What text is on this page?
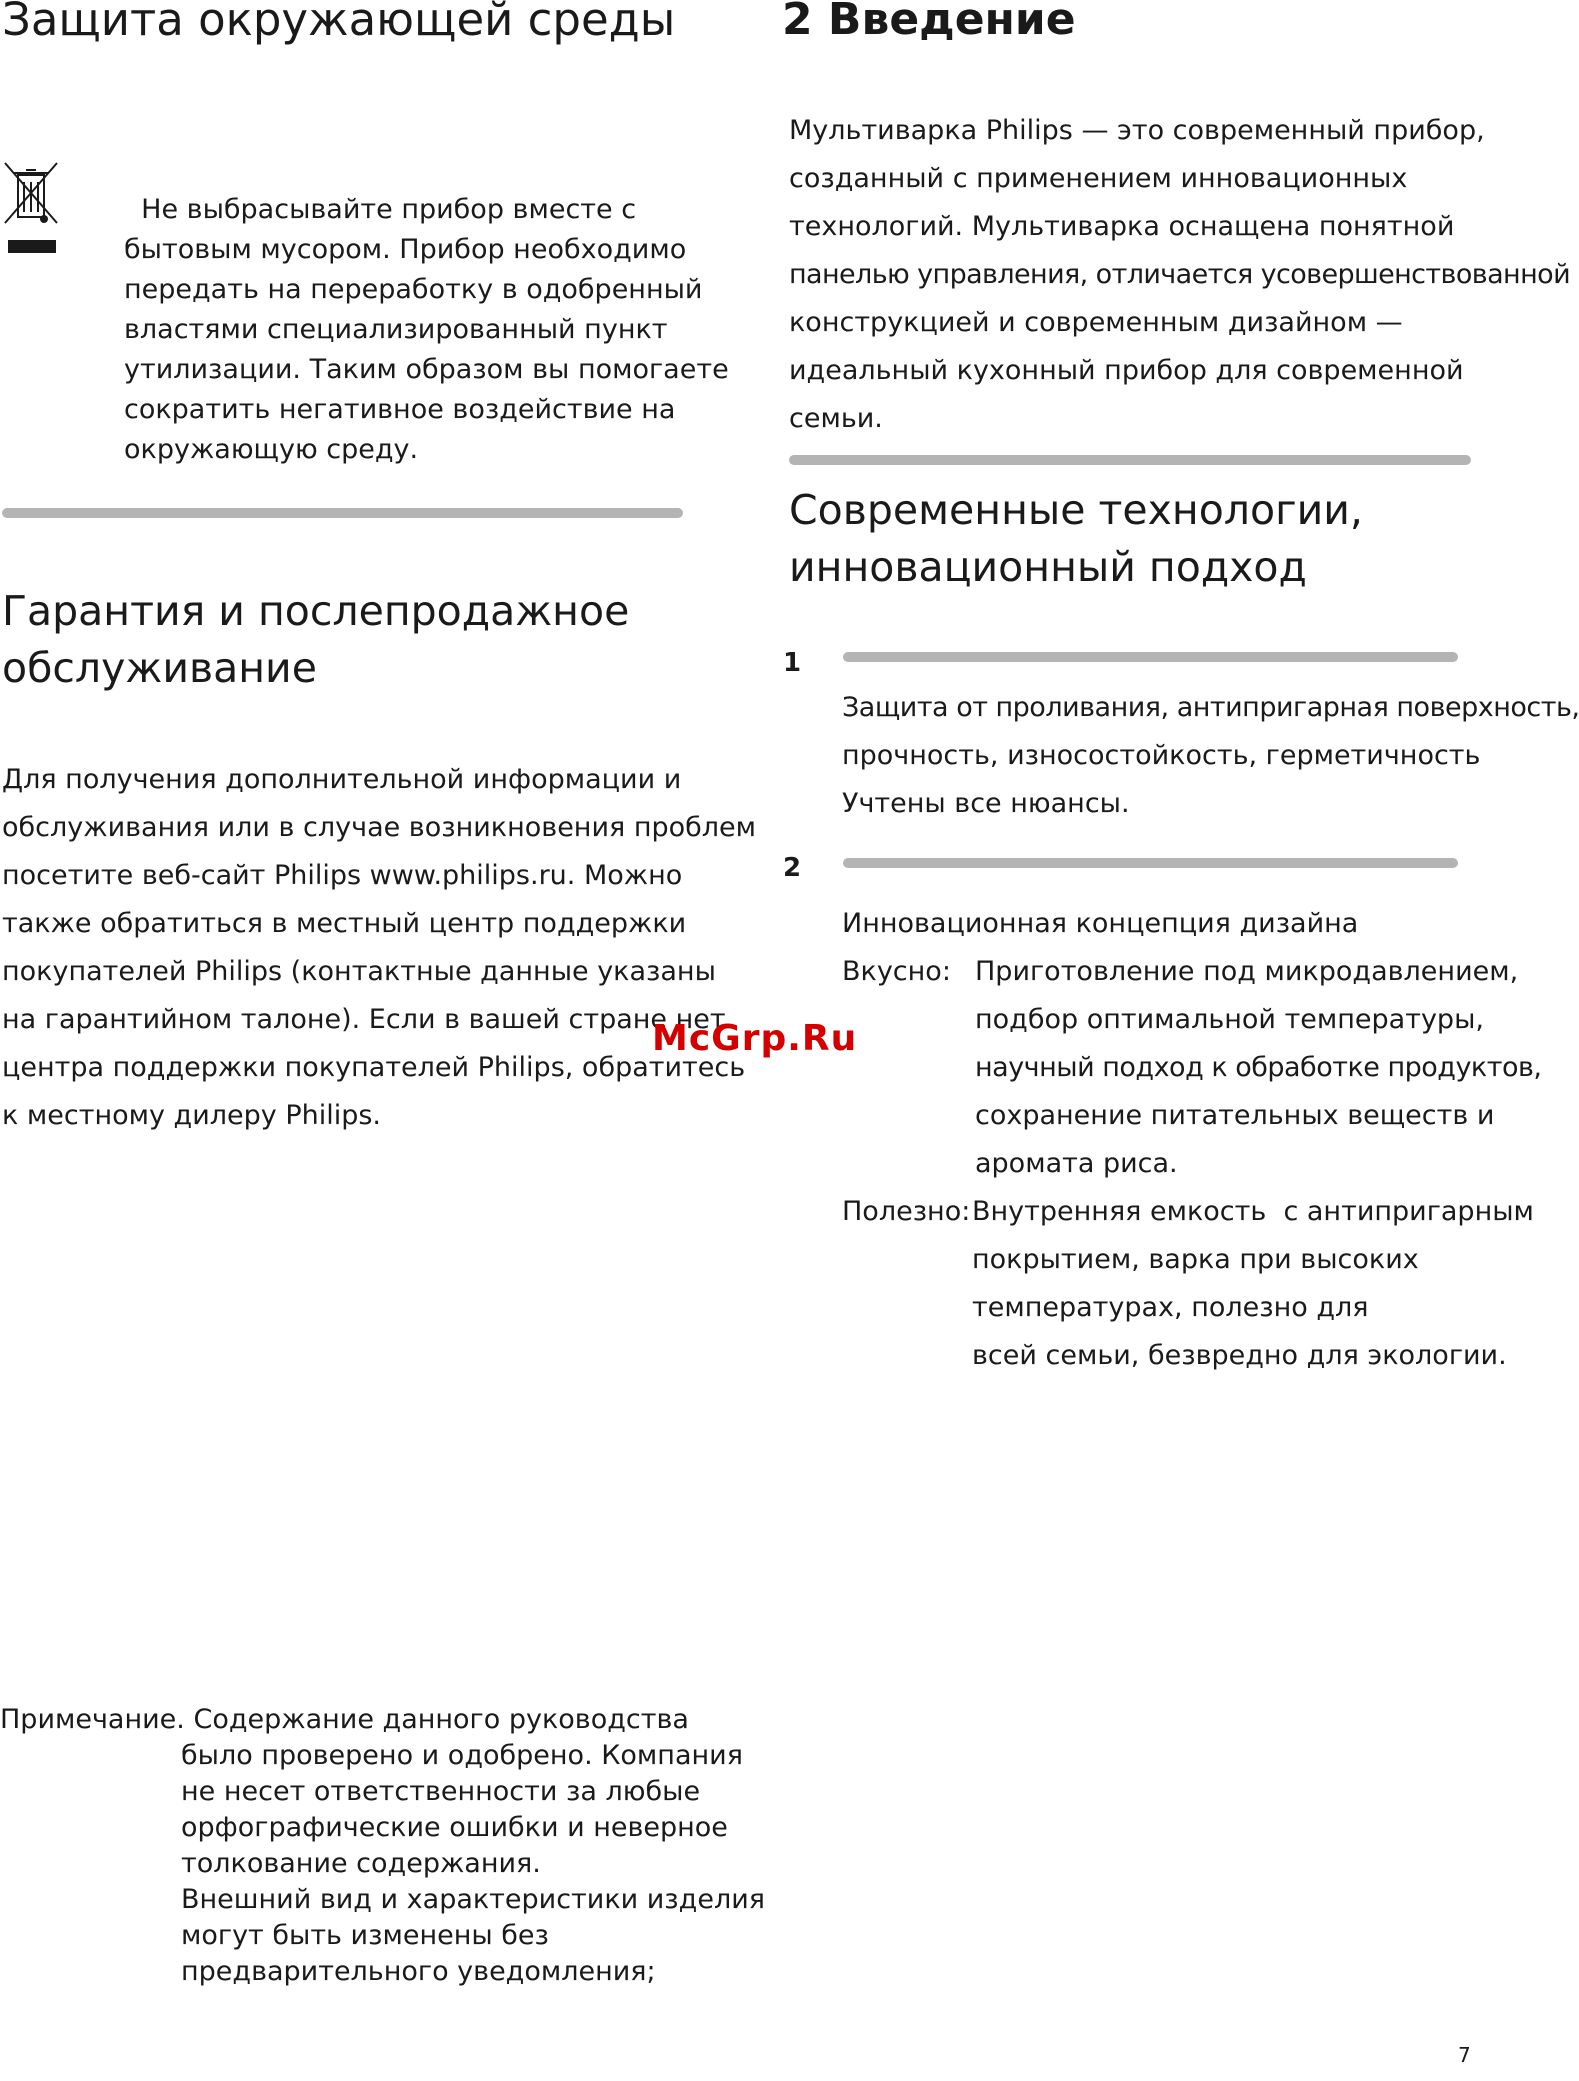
Защита окружающей среды
Не выбрасывайте прибор вместе с
бытовым мусором. Прибор необходимо
передать на переработку в одобренный
властями специализированный пункт
утилизации. Таким образом вы помогаете
сократить негативное воздействие на
окружающую среду.
Гарантия и послепродажное
обслуживание
Для получения дополнительной информации и
обслуживания или в случае возникновения проблем
посетите веб-сайт Philips www.philips.ru. Можно
также обратиться в местный центр поддержки
покупателей Philips (контактные данные указаны
на гарантийном талоне). Если в вашей стране нет
центра поддержки покупателей Philips, обратитесь
к местному дилеру Philips.
Примечание. Содержание данного руководства
было проверено и одобрено. Компания
не несет ответственности за любые
орфографические ошибки и неверное
толкование содержания.
Внешний вид и характеристики изделия
могут быть изменены без
предварительного уведомления;
2 Введение
Мультиварка Philips — это современный прибор,
созданный с применением инновационных
технологий. Мультиварка оснащена понятной
панелью управления, отличается усовершенствованной
конструкцией и современным дизайном —
идеальный кухонный прибор для современной
семьи.
Современные технологии,
инновационный подход
1
Защита от проливания, антипригарная поверхность,
прочность, износостойкость, герметичность
Учтены все нюансы.
2
Инновационная концепция дизайна
Вкусно: Приготовление под микродавлением,
подбор оптимальной температуры,
научный подход к обработке продуктов,
сохранение питательных веществ и
аромата риса.
Полезно: Внутренняя емкость  с антипригарным
покрытием, варка при высоких
температурах, полезно для
всей семьи, безвредно для экологии.
McGrp.Ru
7
